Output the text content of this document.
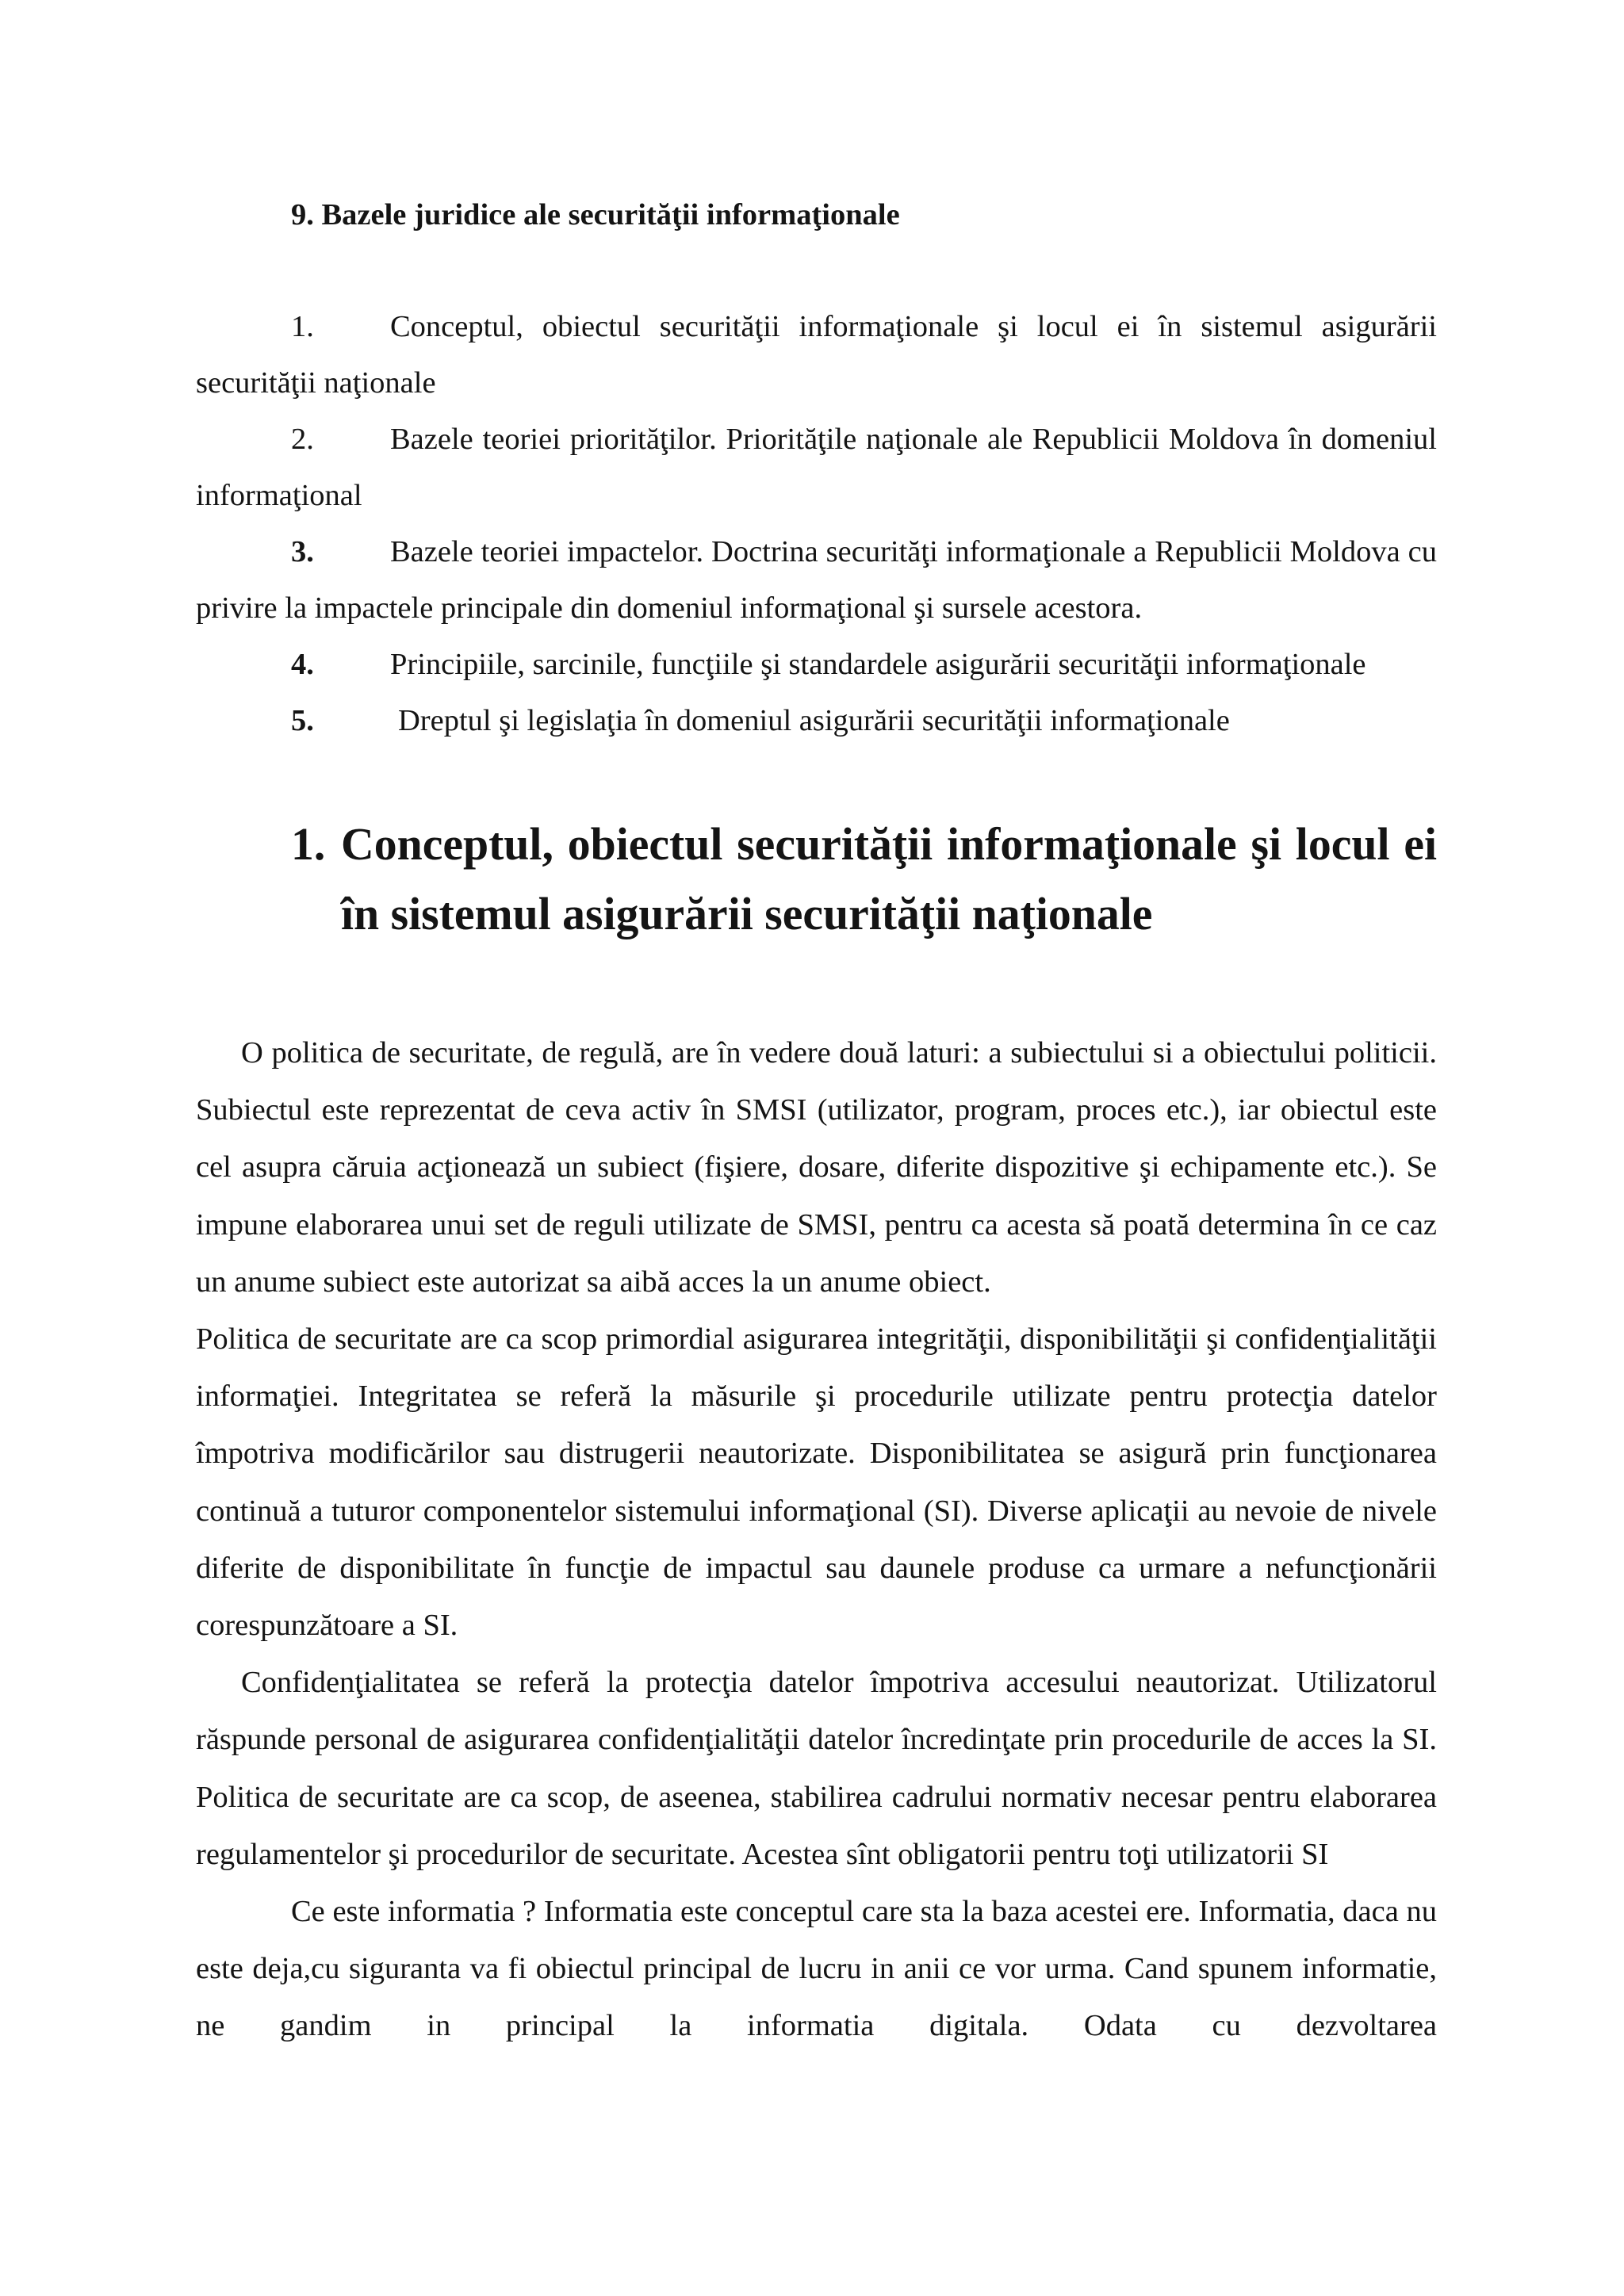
9. Bazele juridice ale securităţii informaţionale

1. Conceptul, obiectul securităţii informaţionale şi locul ei în sistemul asigurării securităţii naţionale

2. Bazele teoriei priorităţilor. Priorităţile naţionale ale Republicii Moldova în domeniul informaţional

3. Bazele teoriei impactelor. Doctrina securităţi informaţionale a Republicii Moldova cu privire la impactele principale din domeniul informaţional şi sursele acestora.

4. Principiile, sarcinile, funcţiile şi standardele asigurării securităţii informaţionale

5.	Dreptul şi legislaţia în domeniul asigurării securităţii informaţionale

1. Conceptul, obiectul securităţii informaţionale şi locul ei în sistemul asigurării securităţii naţionale

O politica de securitate, de regulă, are în vedere două laturi: a subiectului si a obiectului politicii. Subiectul este reprezentat de ceva activ în SMSI (utilizator, program, proces etc.), iar obiectul este cel asupra căruia acţionează un subiect (fişiere, dosare, diferite dispozitive şi echipamente etc.). Se impune elaborarea unui set de reguli utilizate de SMSI, pentru ca acesta să poată determina în ce caz un anume subiect este autorizat sa aibă acces la un anume obiect.

Politica de securitate are ca scop primordial asigurarea integrităţii, disponibilităţii şi confidenţialităţii informaţiei. Integritatea se referă la măsurile şi procedurile utilizate pentru protecţia datelor împotriva modificărilor sau distrugerii neautorizate. Disponibilitatea se asigură prin funcţionarea continuă a tuturor componentelor sistemului informaţional (SI). Diverse aplicaţii au nevoie de nivele diferite de disponibilitate în funcţie de impactul sau daunele produse ca urmare a nefuncţionării corespunzătoare a SI.

Confidenţialitatea se referă la protecţia datelor împotriva accesului neautorizat. Utilizatorul răspunde personal de asigurarea confidenţialităţii datelor încredinţate prin procedurile de acces la SI. Politica de securitate are ca scop, de aseenea, stabilirea cadrului normativ necesar pentru elaborarea regulamentelor şi procedurilor de securitate. Acestea sînt obligatorii pentru toţi utilizatorii SI

Ce este informatia ? Informatia este conceptul care sta la baza acestei ere. Informatia, daca nu este deja,cu siguranta va fi obiectul principal de lucru in anii ce vor urma. Cand spunem informatie, ne gandim in principal la informatia digitala. Odata cu dezvoltarea
